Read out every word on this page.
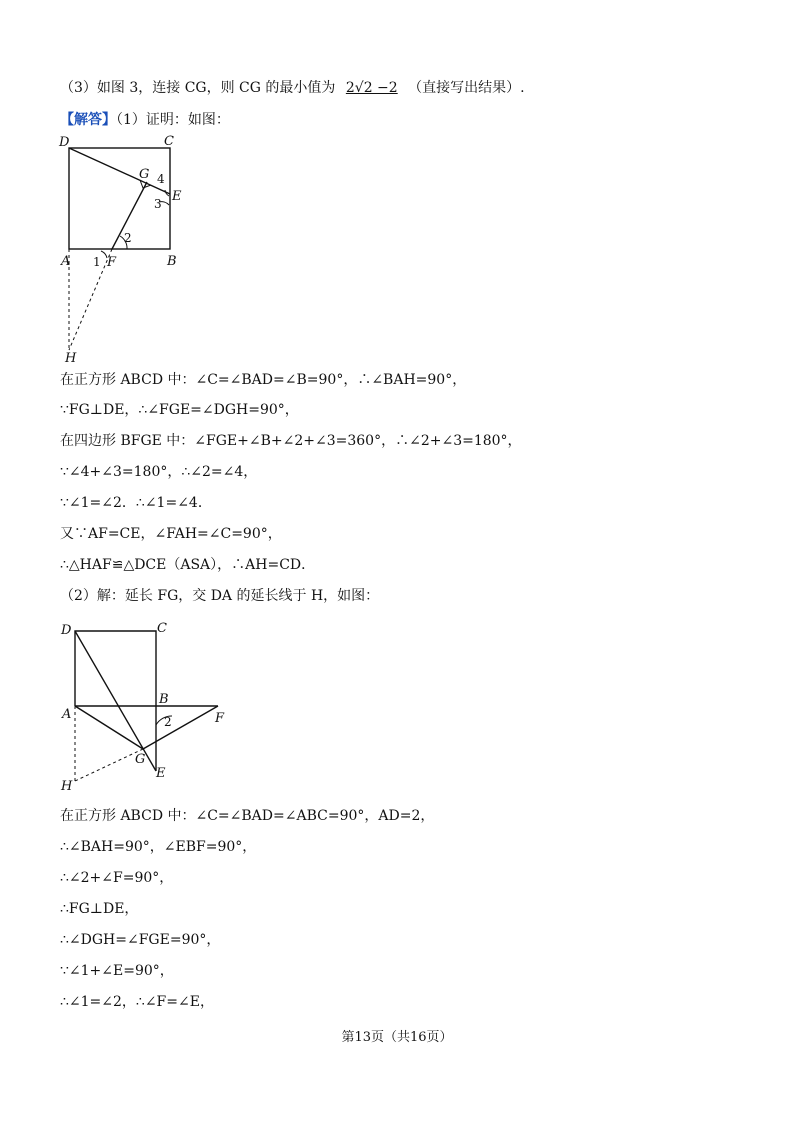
（3）如图 3，连接 CG，则 CG 的最小值为 2√2 −2 （直接写出结果）.
【解答】（1）证明：如图：
D	C
G
E
A	F	B
H
1
2
3
4
在正方形 ABCD 中：∠C=∠BAD=∠B=90°，∴∠BAH=90°，
∵FG⊥DE，∴∠FGE=∠DGH=90°，
在四边形 BFGE 中：∠FGE+∠B+∠2+∠3=360°，∴∠2+∠3=180°，
∵∠4+∠3=180°，∴∠2=∠4，
∵∠1=∠2．∴∠1=∠4．
又∵AF=CE，∠FAH=∠C=90°，
∴△HAF≌△DCE（ASA），∴AH=CD．
（2）解：延长 FG，交 DA 的延长线于 H，如图：
D	C
B
A	F
G
E
H
2
在正方形 ABCD 中：∠C=∠BAD=∠ABC=90°，AD=2，
∴∠BAH=90°，∠EBF=90°，
∴∠2+∠F=90°，
∴FG⊥DE，
∴∠DGH=∠FGE=90°，
∵∠1+∠E=90°，
∴∠1=∠2，∴∠F=∠E，
第13页（共16页）
